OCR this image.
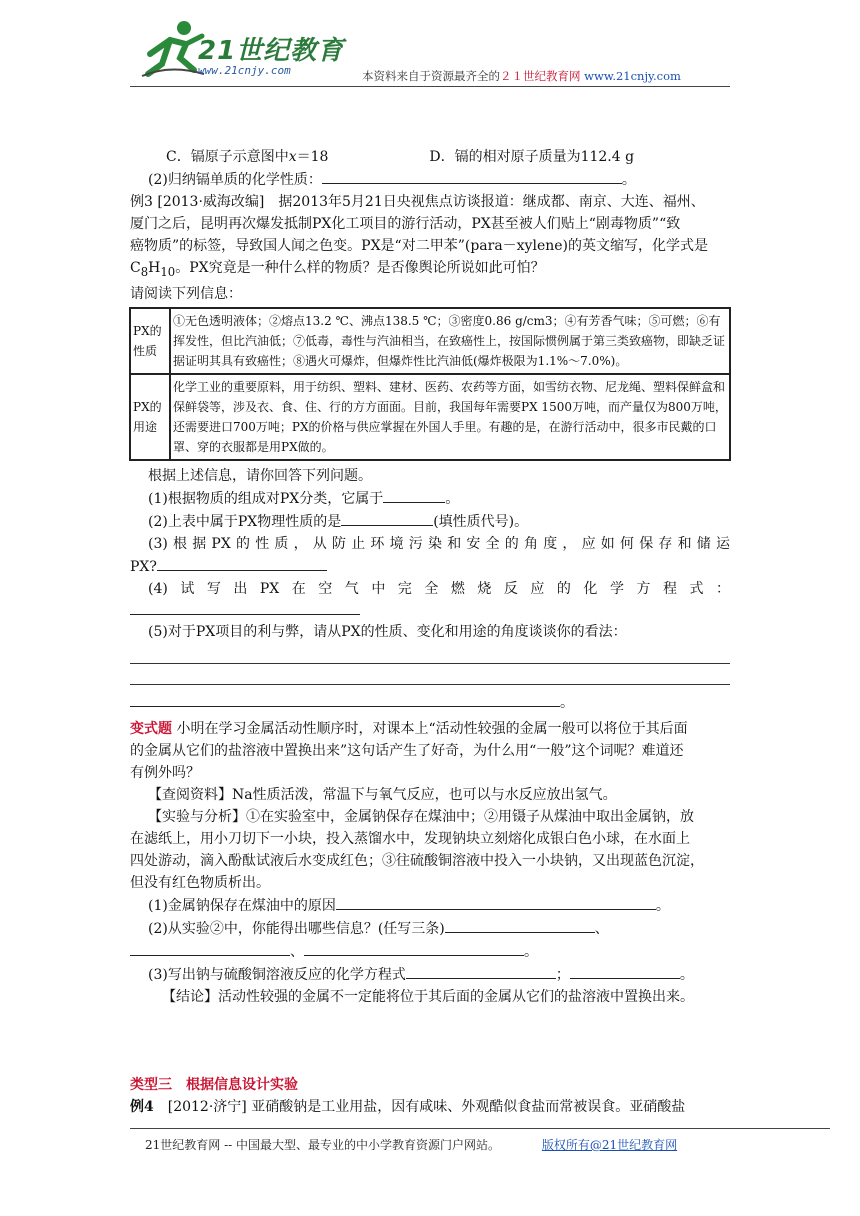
21世纪教育
www.21cnjy.com	本资料来自于资源最齐全的２１世纪教育网 www.21cnjy.com

C．镉原子示意图中x＝18	D．镉的相对原子质量为112.4 g

(2)归纳镉单质的化学性质：	。

例3 [2013·威海改编]　 据2013年5月21日央视焦点访谈报道：继成都、南京、大连、福州、

厦门之后，昆明再次爆发抵制PX化工项目的游行活动，PX甚至被人们贴上“剧毒物质”“致

癌物质”的标签，导致国人闻之色变。PX是“对二甲苯”(para－xylene)的英文缩写，化学式是

$C_8H_{10}$。PX究竟是一种什么样的物质？是否像舆论所说如此可怕？

请阅读下列信息：

PX的性质	①无色透明液体；②熔点13.2 ℃、沸点138.5 ℃；③密度0.86 g/cm3；④有芳香气味；⑤可燃；⑥有挥发性，但比汽油低；⑦低毒，毒性与汽油相当，在致癌性上，按国际惯例属于第三类致癌物，即缺乏证据证明其具有致癌性；⑧遇火可爆炸，但爆炸性比汽油低(爆炸极限为1.1%～7.0%)。
PX的用途	化学工业的重要原料，用于纺织、塑料、建材、医药、农药等方面，如雪纺衣物、尼龙绳、塑料保鲜盒和保鲜袋等，涉及衣、食、住、行的方方面面。目前，我国每年需要PX 1500万吨，而产量仅为800万吨，还需要进口700万吨；PX的价格与供应掌握在外国人手里。有趣的是，在游行活动中，很多市民戴的口罩、穿的衣服都是用PX做的。

根据上述信息，请你回答下列问题。

(1)根据物质的组成对PX分类，它属于	。

(2)上表中属于PX物理性质的是	(填性质代号)。

(3)根据PX的性质，从防止环境污染和安全的角度，应如何保存和储运

PX?

(4)试写出PX在空气中完全燃烧反应的化学方程式：

(5)对于PX项目的利与弊，请从PX的性质、变化和用途的角度谈谈你的看法：

。

变式题 小明在学习金属活动性顺序时，对课本上“活动性较强的金属一般可以将位于其后面

的金属从它们的盐溶液中置换出来”这句话产生了好奇，为什么用“一般”这个词呢？难道还

有例外吗？

【查阅资料】Na性质活泼，常温下与氧气反应，也可以与水反应放出氢气。

【实验与分析】①在实验室中，金属钠保存在煤油中；②用镊子从煤油中取出金属钠，放

在滤纸上，用小刀切下一小块，投入蒸馏水中，发现钠块立刻熔化成银白色小球，在水面上

四处游动，滴入酚酞试液后水变成红色；③往硫酸铜溶液中投入一小块钠，又出现蓝色沉淀，

但没有红色物质析出。

(1)金属钠保存在煤油中的原因	。

(2)从实验②中，你能得出哪些信息？(任写三条)	、

、	。

(3)写出钠与硫酸铜溶液反应的化学方程式	；	。

【结论】活动性较强的金属不一定能将位于其后面的金属从它们的盐溶液中置换出来。

类型三　根据信息设计实验

例4　 [2012·济宁] 亚硝酸钠是工业用盐，因有咸味、外观酷似食盐而常被误食。亚硝酸盐

21世纪教育网 -- 中国最大型、最专业的中小学教育资源门户网站。	版权所有@21世纪教育网
